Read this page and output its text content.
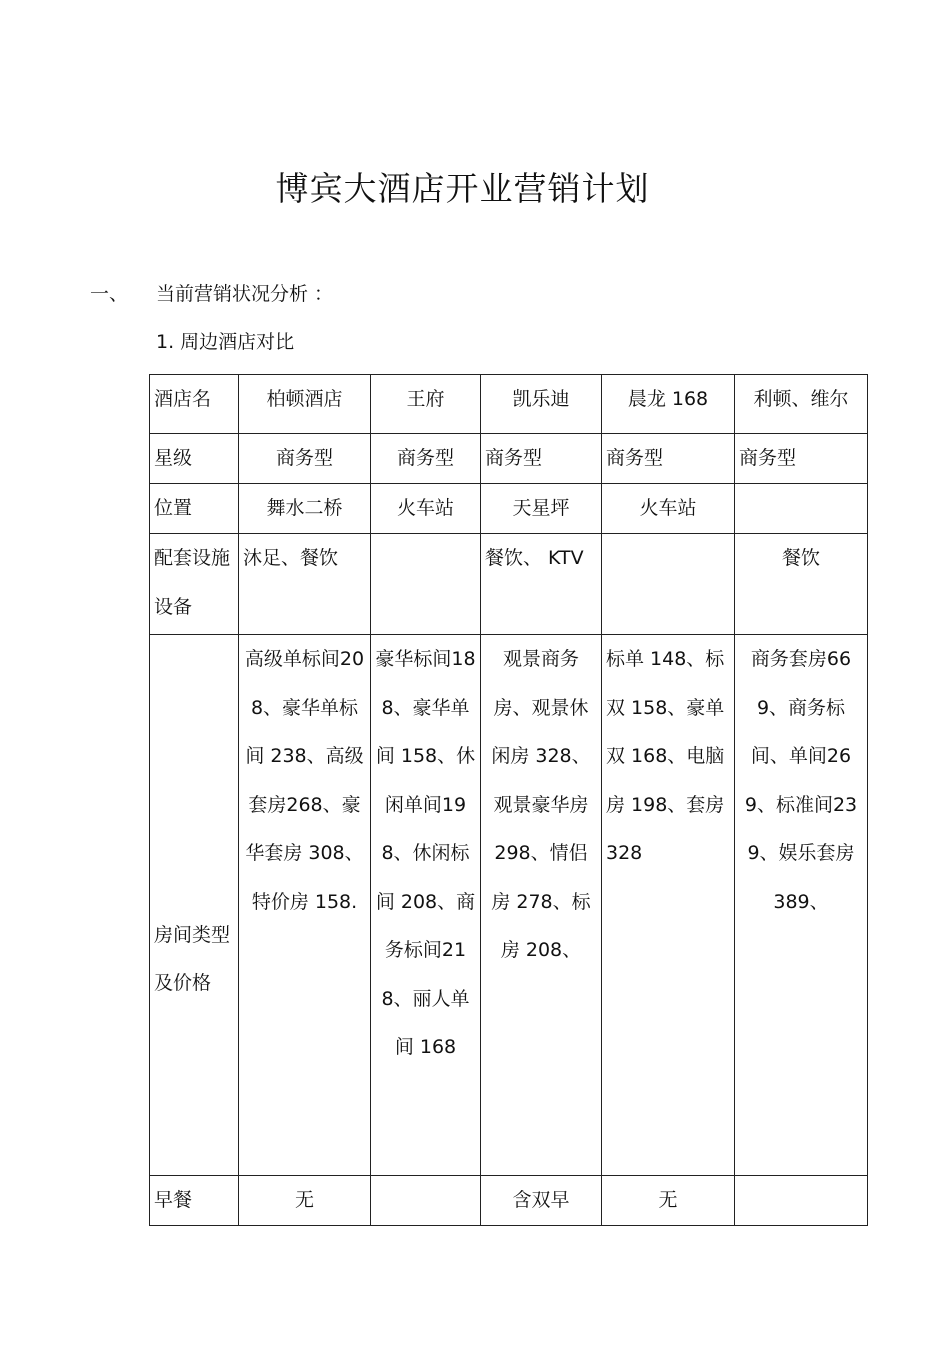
博宾大酒店开业营销计划
一、 当前营销状况分析 ：
1. 周边酒店对比
酒店名	柏顿酒店	王府	凯乐迪	晨龙 168	利顿、维尔
星级	商务型	商务型	商务型	商务型	商务型
位置	舞水二桥	火车站	天星坪	火车站	
配套设施设备	沐足、餐饮		餐饮、 KTV		餐饮
房间类型及价格	高级单标间208、豪华单标间 238、高级套房268、豪华套房 308、特价房 158.	豪华标间188、豪华单间 158、休闲单间198、休闲标间 208、商务标间218、丽人单间 168	观景商务房、观景休闲房 328、观景豪华房 298、情侣房 278、标房 208、	标单 148、标双 158、豪单双 168、电脑房 198、套房 328	商务套房669、商务标间、单间269、标准间239、娱乐套房 389、
早餐	无		含双早	无	
